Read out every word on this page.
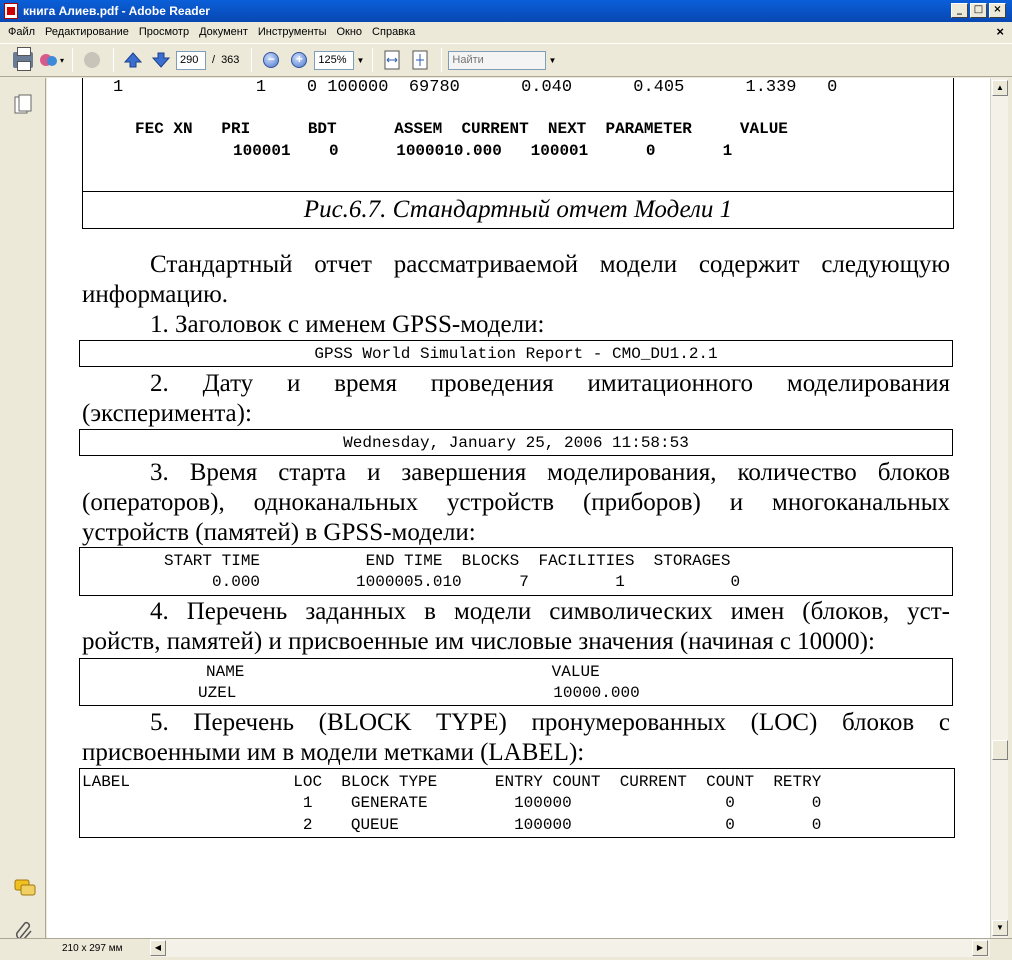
книга Алиев.pdf - Adobe Reader	_	□	×
Файл Редактирование Просмотр Документ Инструменты Окно Справка	×
▾
290	/ 363	−	+
125%	▼
Найти	▼
1             1    0 100000  69780      0.040      0.405      1.339   0
FEC XN   PRI      BDT      ASSEM  CURRENT  NEXT  PARAMETER     VALUE
100001    0      1000010.000   100001      0       1
Рис.6.7. Стандартный отчет Модели 1
Стандартный отчет рассматриваемой модели содержит следующую
информацию.
1. Заголовок с именем GPSS-модели:
GPSS World Simulation Report - CMO_DU1.2.1
2. Дату и время проведения имитационного моделирования
(эксперимента):
Wednesday, January 25, 2006 11:58:53
3. Время старта и завершения моделирования, количество блоков
(операторов), одноканальных устройств (приборов) и многоканальных
устройств (памятей) в GPSS-модели:
START TIME           END TIME  BLOCKS  FACILITIES  STORAGES
0.000          1000005.010      7         1           0
4. Перечень заданных в модели символических имен (блоков, уст-
ройств, памятей) и присвоенные им числовые значения (начиная с 10000):
NAME                                VALUE
UZEL                                 10000.000
5. Перечень (BLOCK TYPE) пронумерованных (LOC) блоков с
присвоенными им в модели метками (LABEL):
LABEL                 LOC  BLOCK TYPE      ENTRY COUNT  CURRENT  COUNT  RETRY
1    GENERATE         100000                0        0
2    QUEUE            100000                0        0
▲
▼
210 x 297 мм	◀	▶
